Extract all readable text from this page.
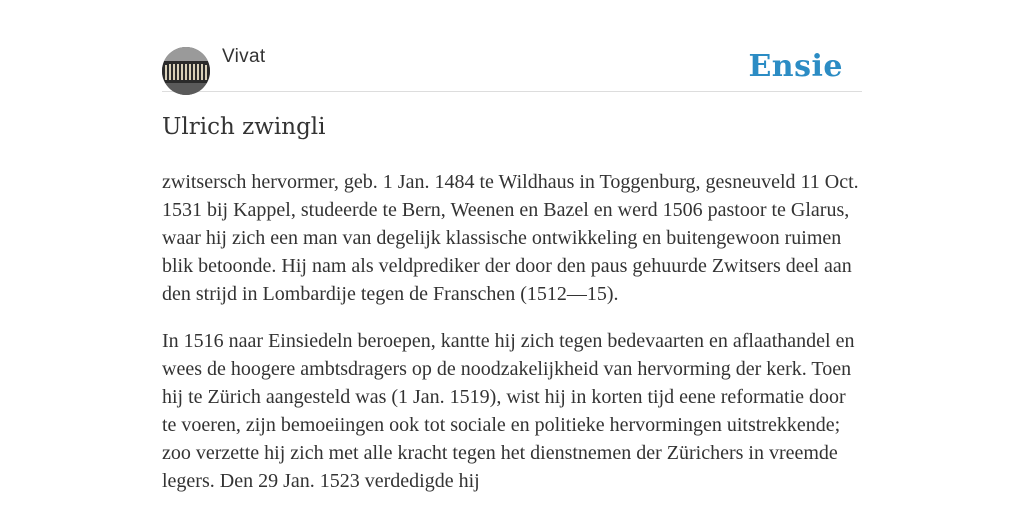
Vivat	Ensie
Ulrich zwingli

zwitsersch hervormer, geb. 1 Jan. 1484 te Wildhaus in Toggenburg, gesneuveld 11 Oct. 1531 bij Kappel, studeerde te Bern, Weenen en Bazel en werd 1506 pastoor te Glarus, waar hij zich een man van degelijk klassische ontwikkeling en buitengewoon ruimen blik betoonde. Hij nam als veldprediker der door den paus gehuurde Zwitsers deel aan den strijd in Lombardije tegen de Franschen (1512—15).

In 1516 naar Einsiedeln beroepen, kantte hij zich tegen bedevaarten en aflaathandel en wees de hoogere ambtsdragers op de noodzakelijkheid van hervorming der kerk. Toen hij te Zürich aangesteld was (1 Jan. 1519), wist hij in korten tijd eene reformatie door te voeren, zijn bemoeiingen ook tot sociale en politieke hervormingen uitstrekkende; zoo verzette hij zich met alle kracht tegen het dienstnemen der Zürichers in vreemde legers. Den 29 Jan. 1523 verdedigde hij
